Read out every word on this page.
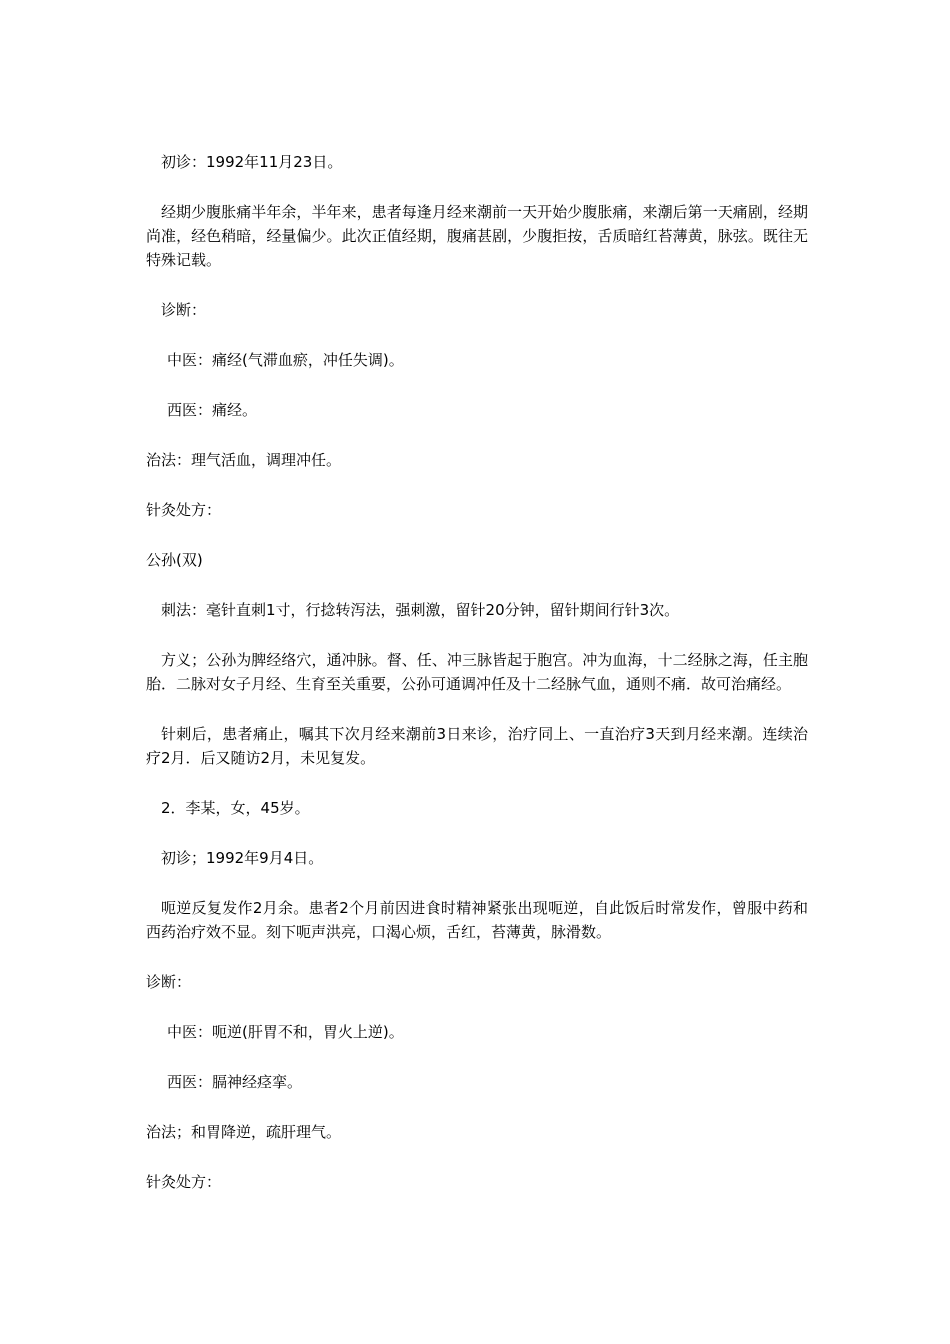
初诊：1992年11月23日。

经期少腹胀痛半年余，半年来，患者每逢月经来潮前一天开始少腹胀痛，来潮后第一天痛剧，经期尚准，经色稍暗，经量偏少。此次正值经期，腹痛甚剧，少腹拒按，舌质暗红苔薄黄，脉弦。既往无特殊记载。

诊断：

中医：痛经(气滞血瘀，冲任失调)。

西医：痛经。

治法：理气活血，调理冲任。

针灸处方：

公孙(双)

刺法：毫针直刺1寸，行捻转泻法，强刺激，留针20分钟，留针期间行针3次。

方义；公孙为脾经络穴，通冲脉。督、任、冲三脉皆起于胞宫。冲为血海，十二经脉之海，任主胞胎．二脉对女子月经、生育至关重要，公孙可通调冲任及十二经脉气血，通则不痛．故可治痛经。

针刺后，患者痛止，嘱其下次月经来潮前3日来诊，治疗同上、一直治疗3天到月经来潮。连续治疗2月．后又随访2月，未见复发。

2．李某，女，45岁。

初诊；1992年9月4日。

呃逆反复发作2月余。患者2个月前因进食时精神紧张出现呃逆，自此饭后时常发作，曾服中药和西药治疗效不显。刻下呃声洪亮，口渴心烦，舌红，苔薄黄，脉滑数。

诊断：

中医：呃逆(肝胃不和，胃火上逆)。

西医：膈神经痉挛。

治法；和胃降逆，疏肝理气。

针灸处方：
